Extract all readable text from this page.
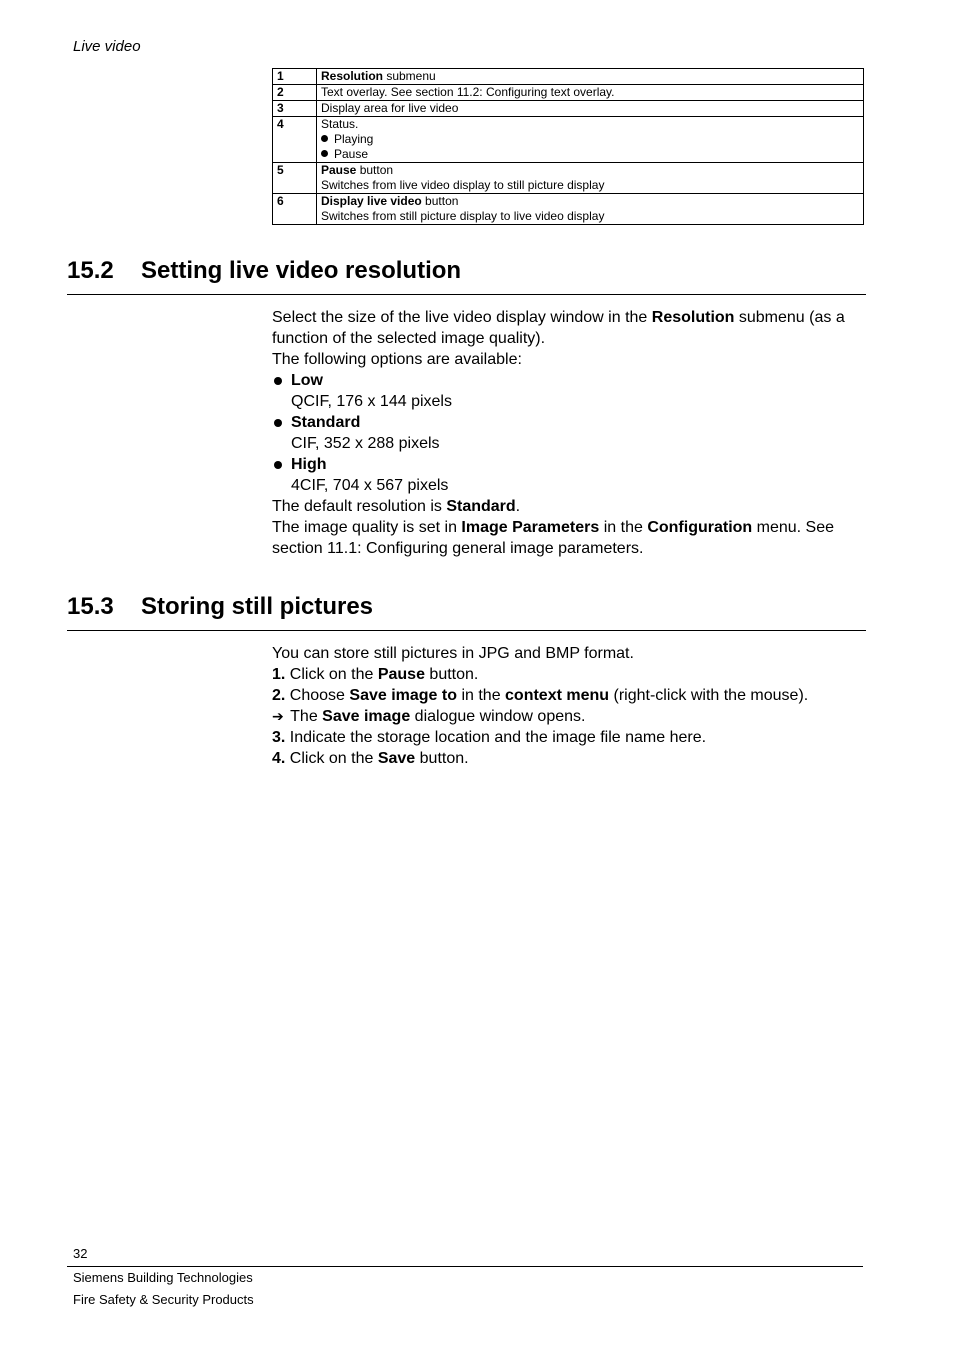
Live video
1	Resolution submenu
2	Text overlay. See section 11.2: Configuring text overlay.
3	Display area for live video
4	Status.
Playing
Pause

5	Pause button
Switches from live video display to still picture display

6	Display live video button
Switches from still picture display to live video display
15.2 Setting live video resolution

Select the size of the live video display window in the Resolution submenu (as a function of the selected image quality).

The following options are available:

Low

QCIF, 176 x 144 pixels

Standard

CIF, 352 x 288 pixels

High

4CIF, 704 x 567 pixels

The default resolution is Standard.

The image quality is set in Image Parameters in the Configuration menu. See section 11.1: Configuring general image parameters.

15.3 Storing still pictures

You can store still pictures in JPG and BMP format.

1. Click on the Pause button.

2. Choose Save image to in the context menu (right-click with the mouse).

➔ The Save image dialogue window opens.

3. Indicate the storage location and the image file name here.

4. Click on the Save button.

32
Siemens Building Technologies
Fire Safety & Security Products
